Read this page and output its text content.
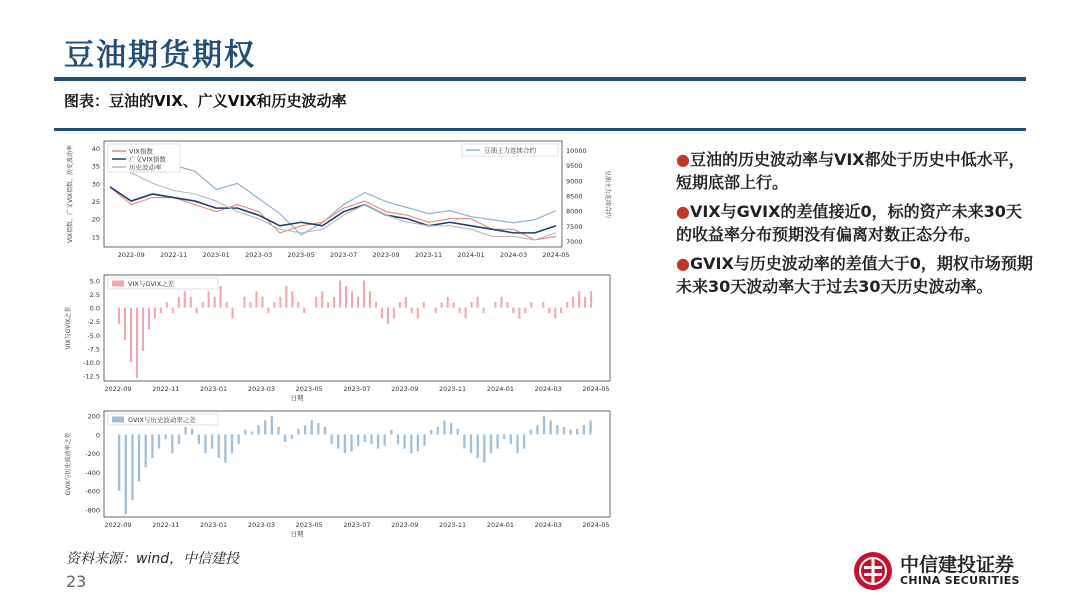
豆油期货期权
图表：豆油的VIX、广义VIX和历史波动率
15
20
25
30
35
40
7000
7500
8000
8500
9000
9500
10000
VIX指数、广义VIX指数、历史波动率	豆油主力连续合约
2022-09 2022-11 2023-01 2023-03 2023-05 2023-07 2023-09 2023-11 2024-01 2024-03 2024-05
VIX指数
广义VIX指数
历史波动率
豆油主力连续合约
5.0
2.5
0.0
-2.5
-5.0
-7.5
-10.0
-12.5
VIX与GVIX之差
2022-09	2022-11	2023-01	2023-03	2023-05	2023-07	2023-09	2023-11	2024-01	2024-03	2024-05
日期
VIX与GVIX之差
200
0
-200
-400
-600
-800
GVIX与历史波动率之差
2022-09	2022-11	2023-01	2023-03	2023-05	2023-07	2023-09	2023-11	2024-01	2024-03	2024-05
日期
GVIX与历史波动率之差
●豆油的历史波动率与VIX都处于历史中低水平，短期底部上行。
●VIX与GVIX的差值接近0，标的资产未来30天的收益率分布预期没有偏离对数正态分布。
●GVIX与历史波动率的差值大于0，期权市场预期未来30天波动率大于过去30天历史波动率。
资料来源：wind，中信建投
23
中信建投证券
CHINA SECURITIES
